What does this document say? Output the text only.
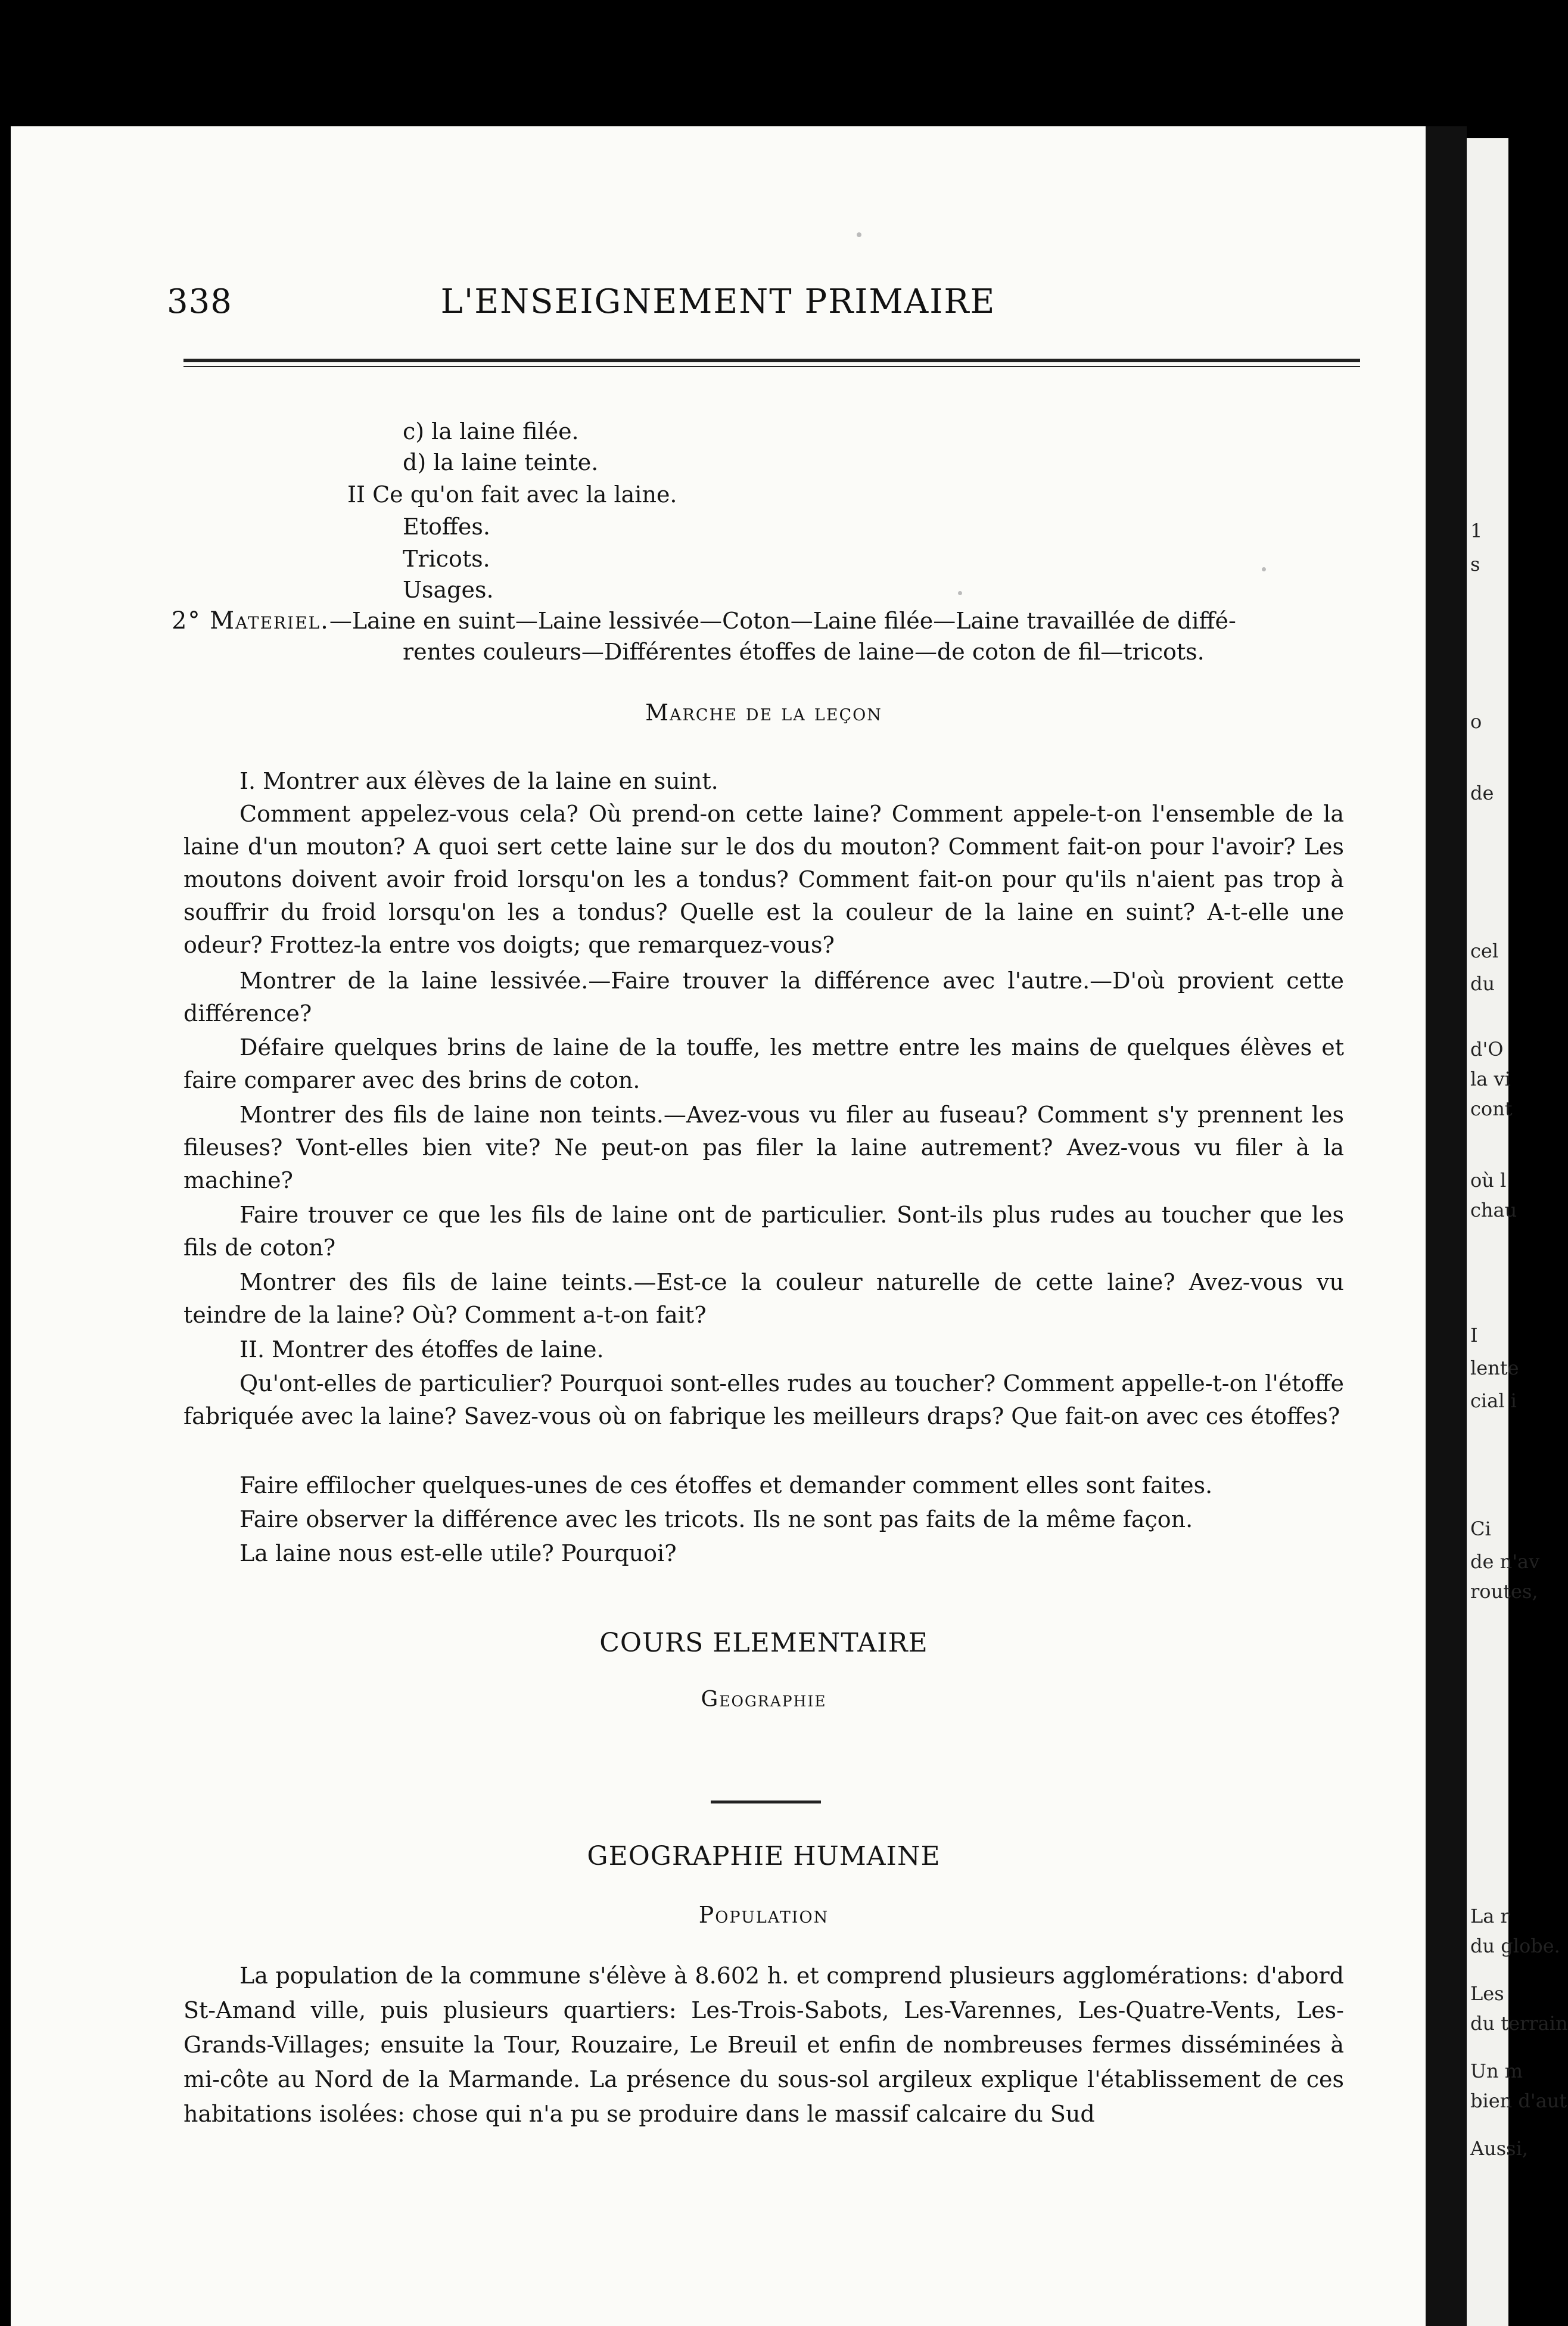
338	L'ENSEIGNEMENT PRIMAIRE
c) la laine filée.
d) la laine teinte.
II Ce qu'on fait avec la laine.
Etoffes.
Tricots.
Usages.
2° Materiel.—Laine en suint—Laine lessivée—Coton—Laine filée—Laine travaillée de diffé-
rentes couleurs—Différentes étoffes de laine—de coton de fil—tricots.
Marche de la leçon
I. Montrer aux élèves de la laine en suint.
Comment appelez-vous cela? Où prend-on cette laine? Comment appele-t-on l'ensemble de la laine d'un mouton? A quoi sert cette laine sur le dos du mouton? Comment fait-on pour l'avoir? Les moutons doivent avoir froid lorsqu'on les a tondus? Comment fait-on pour qu'ils n'aient pas trop à souffrir du froid lorsqu'on les a tondus? Quelle est la couleur de la laine en suint? A-t-elle une odeur? Frottez-la entre vos doigts; que remarquez-vous?
Montrer de la laine lessivée.—Faire trouver la différence avec l'autre.—D'où provient cette différence?
Défaire quelques brins de laine de la touffe, les mettre entre les mains de quelques élèves et faire comparer avec des brins de coton.
Montrer des fils de laine non teints.—Avez-vous vu filer au fuseau? Comment s'y prennent les fileuses? Vont-elles bien vite? Ne peut-on pas filer la laine autrement? Avez-vous vu filer à la machine?
Faire trouver ce que les fils de laine ont de particulier. Sont-ils plus rudes au toucher que les fils de coton?
Montrer des fils de laine teints.—Est-ce la couleur naturelle de cette laine? Avez-vous vu teindre de la laine? Où? Comment a-t-on fait?
II. Montrer des étoffes de laine.
Qu'ont-elles de particulier? Pourquoi sont-elles rudes au toucher? Comment appelle-t-on l'étoffe fabriquée avec la laine? Savez-vous où on fabrique les meilleurs draps? Que fait-on avec ces étoffes?
Faire effilocher quelques-unes de ces étoffes et demander comment elles sont faites.
Faire observer la différence avec les tricots. Ils ne sont pas faits de la même façon.
La laine nous est-elle utile? Pourquoi?
COURS ELEMENTAIRE
Geographie
GEOGRAPHIE HUMAINE
Population
La population de la commune s'élève à 8.602 h. et comprend plusieurs agglomérations: d'abord St-Amand ville, puis plusieurs quartiers: Les-Trois-Sabots, Les-Varennes, Les-Quatre-Vents, Les-Grands-Villages; ensuite la Tour, Rouzaire, Le Breuil et enfin de nombreuses fermes disséminées à mi-côte au Nord de la Marmande. La présence du sous-sol argileux explique l'établissement de ces habitations isolées: chose qui n'a pu se produire dans le massif calcaire du Sud
1
s
o
de
cel
du
d'O
la vi
cont
où l
chau
I
lente
cial i
Ci
de n'av
routes,
La r
du globe.
Les
du terrain
Un m
bien d'aut
Aussi,
